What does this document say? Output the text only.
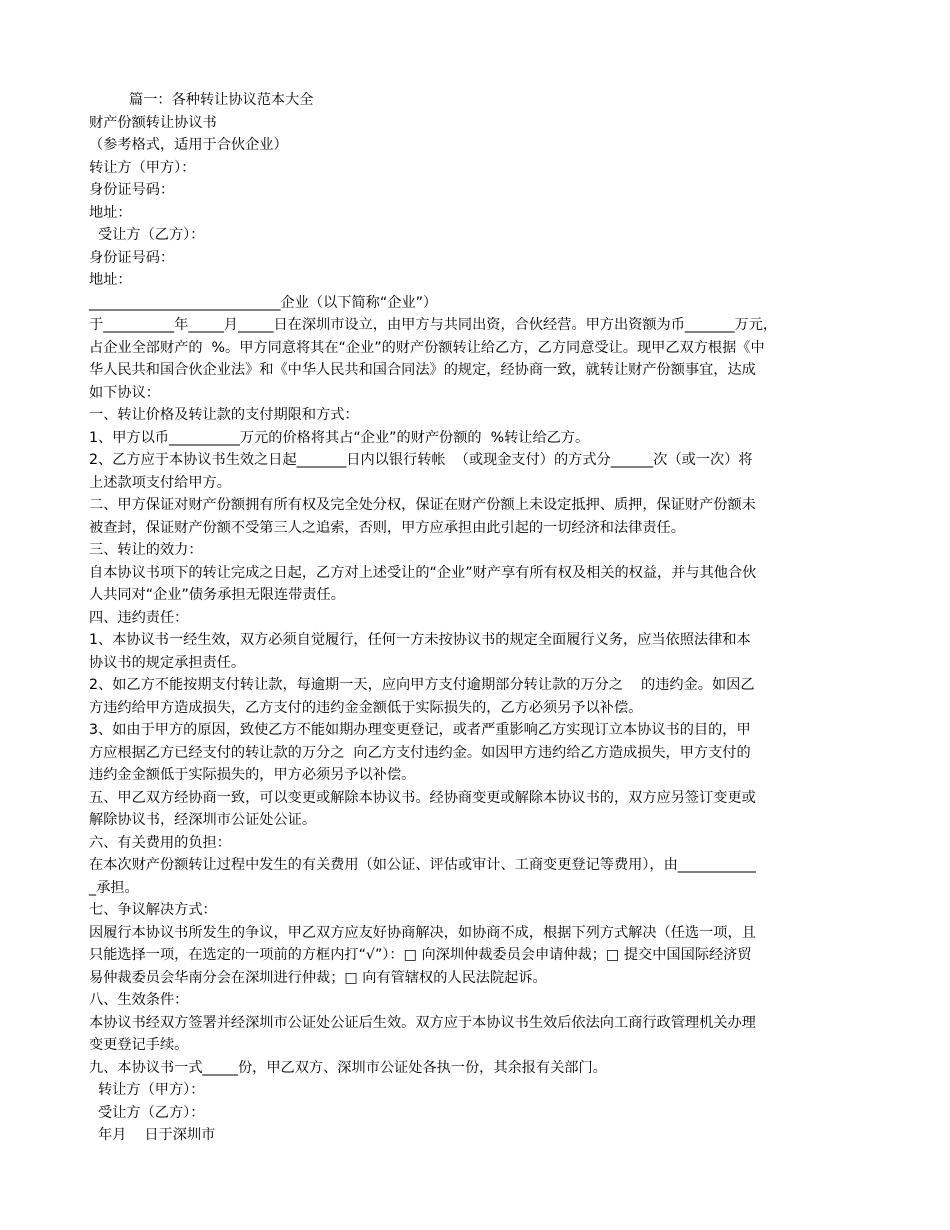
篇一：各种转让协议范本大全
财产份额转让协议书
（参考格式，适用于合伙企业）
转让方（甲方）：
身份证号码：
地址：
受让方（乙方）：
身份证号码：
地址：
___________________________企业（以下简称“企业”）
于__________年_____月_____日在深圳市设立，由甲方与共同出资，合伙经营。甲方出资额为币_______万元，
占企业全部财产的  %。甲方同意将其在“企业”的财产份额转让给乙方，乙方同意受让。现甲乙双方根据《中
华人民共和国合伙企业法》和《中华人民共和国合同法》的规定，经协商一致，就转让财产份额事宜，达成
如下协议：
一、转让价格及转让款的支付期限和方式：
1、甲方以币__________万元的价格将其占“企业”的财产份额的  %转让给乙方。
2、乙方应于本协议书生效之日起_______日内以银行转帐  （或现金支付）的方式分______次（或一次）将
上述款项支付给甲方。
二、甲方保证对财产份额拥有所有权及完全处分权，保证在财产份额上未设定抵押、质押，保证财产份额未
被查封，保证财产份额不受第三人之追索，否则，甲方应承担由此引起的一切经济和法律责任。
三、转让的效力：
自本协议书项下的转让完成之日起，乙方对上述受让的“企业”财产享有所有权及相关的权益，并与其他合伙
人共同对“企业”债务承担无限连带责任。
四、违约责任：
1、本协议书一经生效，双方必须自觉履行，任何一方未按协议书的规定全面履行义务，应当依照法律和本
协议书的规定承担责任。
2、如乙方不能按期支付转让款，每逾期一天，应向甲方支付逾期部分转让款的万分之    的违约金。如因乙
方违约给甲方造成损失，乙方支付的违约金金额低于实际损失的，乙方必须另予以补偿。
3、如由于甲方的原因，致使乙方不能如期办理变更登记，或者严重影响乙方实现订立本协议书的目的，甲
方应根据乙方已经支付的转让款的万分之  向乙方支付违约金。如因甲方违约给乙方造成损失，甲方支付的
违约金金额低于实际损失的，甲方必须另予以补偿。
五、甲乙双方经协商一致，可以变更或解除本协议书。经协商变更或解除本协议书的，双方应另签订变更或
解除协议书，经深圳市公证处公证。
六、有关费用的负担：
在本次财产份额转让过程中发生的有关费用（如公证、评估或审计、工商变更登记等费用），由___________
_承担。
七、争议解决方式：
因履行本协议书所发生的争议，甲乙双方应友好协商解决，如协商不成，根据下列方式解决（任选一项，且
只能选择一项，在选定的一项前的方框内打“√”）：□ 向深圳仲裁委员会申请仲裁；□ 提交中国国际经济贸
易仲裁委员会华南分会在深圳进行仲裁；□ 向有管辖权的人民法院起诉。
八、生效条件：
本协议书经双方签署并经深圳市公证处公证后生效。双方应于本协议书生效后依法向工商行政管理机关办理
变更登记手续。
九、本协议书一式_____份，甲乙双方、深圳市公证处各执一份，其余报有关部门。
转让方（甲方）：
受让方（乙方）：
年月    日于深圳市
